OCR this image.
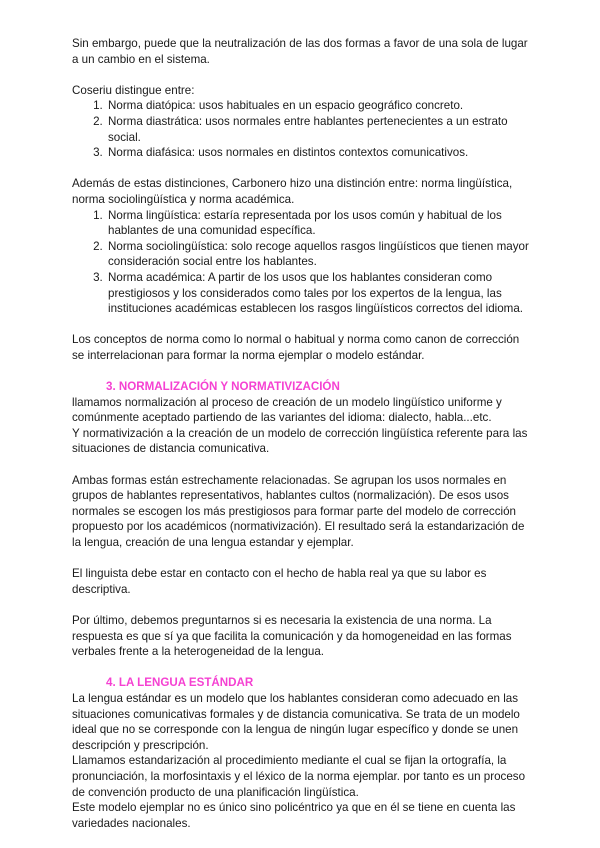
Sin embargo, puede que la neutralización de las dos formas a favor de una sola de lugar a un cambio en el sistema.

Coseriu distingue entre:

1. Norma diatópica: usos habituales en un espacio geográfico concreto.
2. Norma diastrática: usos normales entre hablantes pertenecientes a un estrato social.
3. Norma diafásica: usos normales en distintos contextos comunicativos.

Además de estas distinciones, Carbonero hizo una distinción entre: norma lingüística, norma sociolingüística y norma académica.

1. Norma lingüística: estaría representada por los usos común y habitual de los hablantes de una comunidad específica.
2. Norma sociolingüística: solo recoge aquellos rasgos lingüísticos que tienen mayor consideración social entre los hablantes.
3. Norma académica: A partir de los usos que los hablantes consideran como prestigiosos y los considerados como tales por los expertos de la lengua, las instituciones académicas establecen los rasgos lingüísticos correctos del idioma.

Los conceptos de norma como lo normal o habitual y norma como canon de corrección se interrelacionan para formar la norma ejemplar o modelo estándar.

3. NORMALIZACIÓN Y NORMATIVIZACIÓN

llamamos normalización al proceso de creación de un modelo lingüístico uniforme y comúnmente aceptado partiendo de las variantes del idioma: dialecto, habla...etc.

Y normativización a la creación de un modelo de corrección lingüística referente para las situaciones de distancia comunicativa.

Ambas formas están estrechamente relacionadas. Se agrupan los usos normales en grupos de hablantes representativos, hablantes cultos (normalización). De esos usos normales se escogen los más prestigiosos para formar parte del modelo de corrección propuesto por los académicos (normativización). El resultado será la estandarización de la lengua, creación de una lengua estandar y ejemplar.

El linguista debe estar en contacto con el hecho de habla real ya que su labor es descriptiva.

Por último, debemos preguntarnos si es necesaria la existencia de una norma. La respuesta es que sí ya que facilita la comunicación y da homogeneidad en las formas verbales frente a la heterogeneidad de la lengua.

4. LA LENGUA ESTÁNDAR

La lengua estándar es un modelo que los hablantes consideran como adecuado en las situaciones comunicativas formales y de distancia comunicativa. Se trata de un modelo ideal que no se corresponde con la lengua de ningún lugar específico y donde se unen descripción y prescripción.

Llamamos estandarización al procedimiento mediante el cual se fijan la ortografía, la pronunciación, la morfosintaxis y el léxico de la norma ejemplar. por tanto es un proceso de convención producto de una planificación lingüística.

Este modelo ejemplar no es único sino policéntrico ya que en él se tiene en cuenta las variedades nacionales.
